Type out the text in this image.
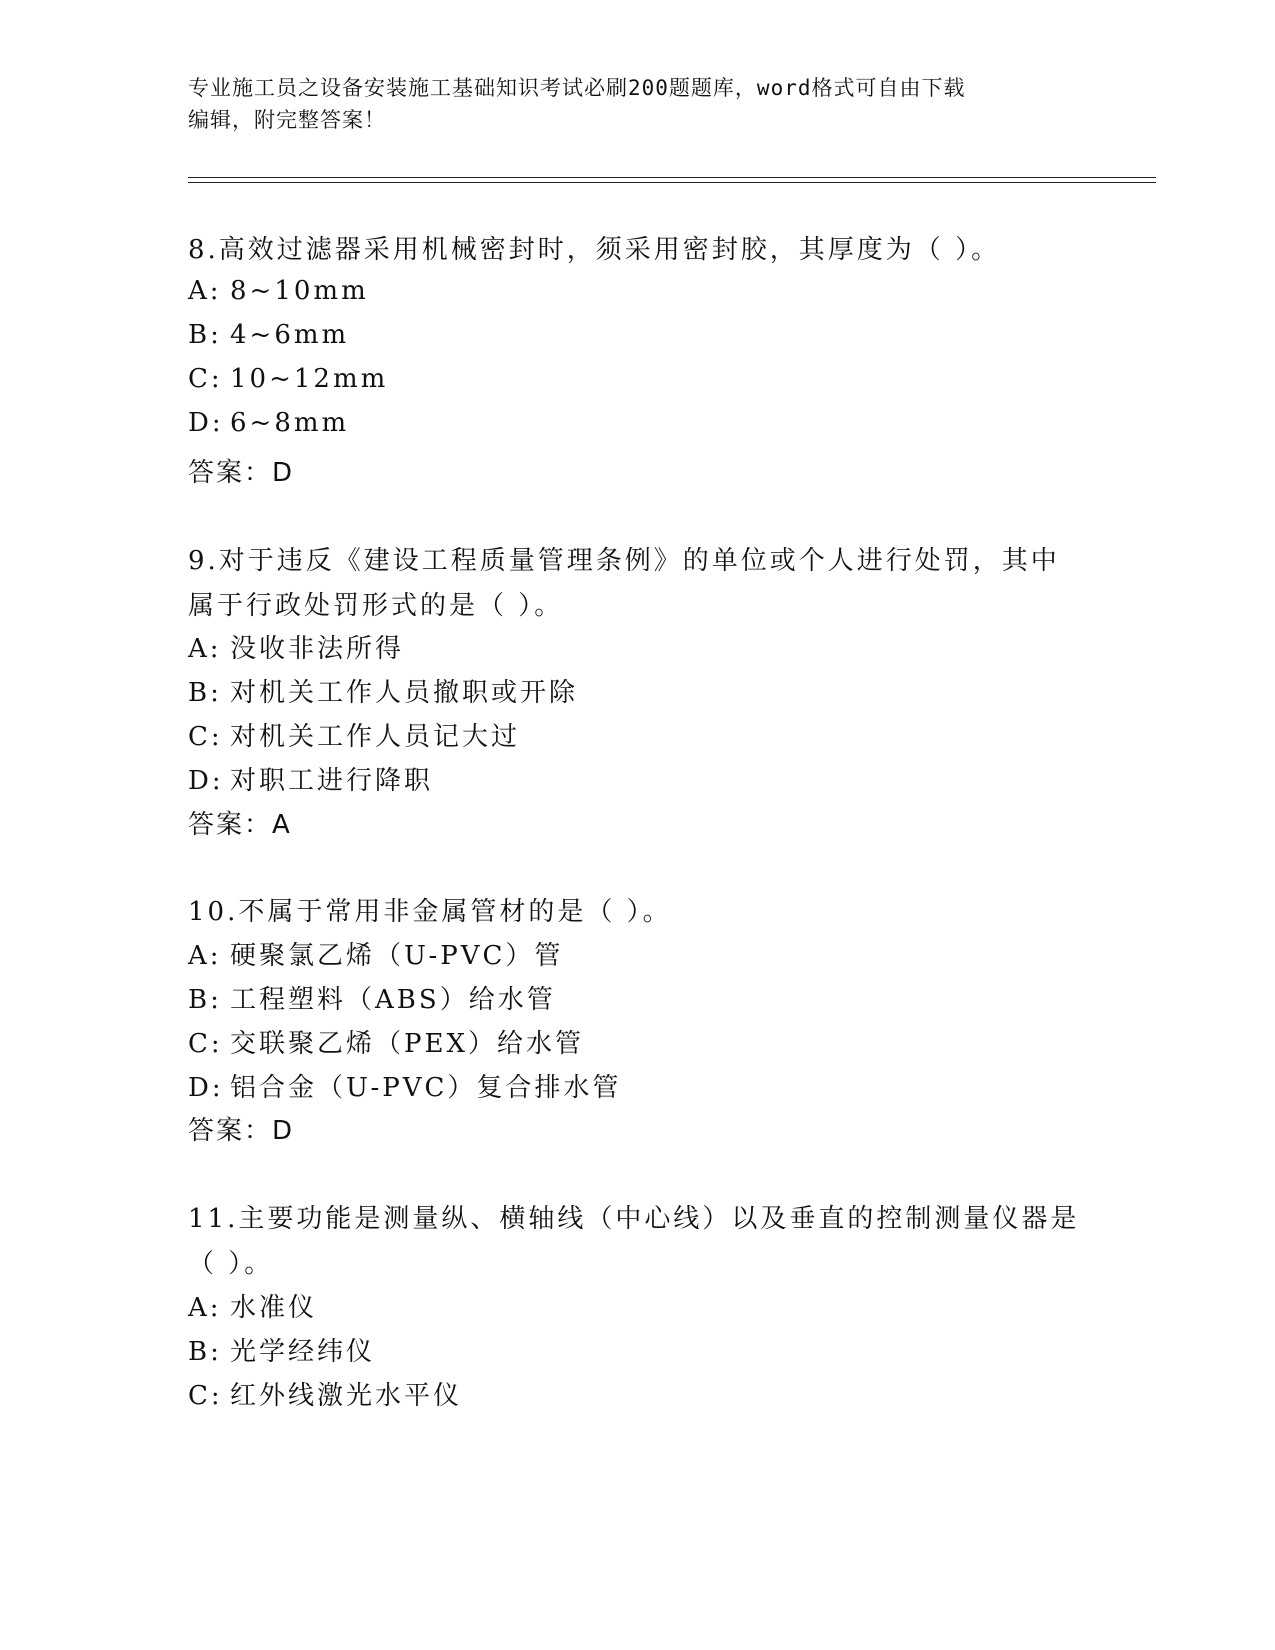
专业施工员之设备安装施工基础知识考试必刷200题题库，word格式可自由下载
编辑，附完整答案！
8.高效过滤器采用机械密封时，须采用密封胶，其厚度为（ ）。
A: 8~10mm
B: 4~6mm
C: 10~12mm
D: 6~8mm
答案：D
9.对于违反《建设工程质量管理条例》的单位或个人进行处罚，其中
属于行政处罚形式的是（ ）。
A: 没收非法所得
B: 对机关工作人员撤职或开除
C: 对机关工作人员记大过
D: 对职工进行降职
答案：A
10.不属于常用非金属管材的是（ ）。
A: 硬聚氯乙烯（U-PVC）管
B: 工程塑料（ABS）给水管
C: 交联聚乙烯（PEX）给水管
D: 铝合金（U-PVC）复合排水管
答案：D
11.主要功能是测量纵、横轴线（中心线）以及垂直的控制测量仪器是
（ ）。
A: 水准仪
B: 光学经纬仪
C: 红外线激光水平仪
